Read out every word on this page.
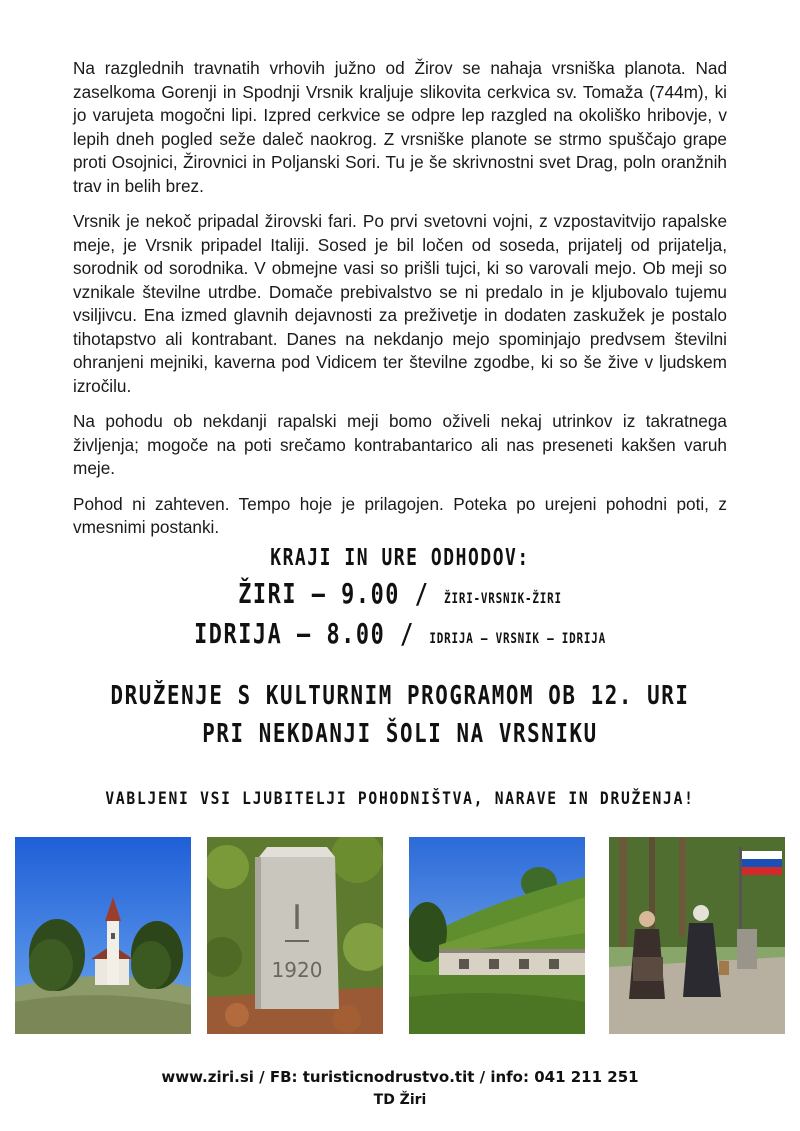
Na razglednih travnatih vrhovih južno od Žirov se nahaja vrsniška planota. Nad zaselkoma Gorenji in Spodnji Vrsnik kraljuje slikovita cerkvica sv. Tomaža (744m), ki jo varujeta mogočni lipi. Izpred cerkvice se odpre lep razgled na okoliško hribovje, v lepih dneh pogled seže daleč naokrog. Z vrsniške planote se strmo spuščajo grape proti Osojnici, Žirovnici in Poljanski Sori. Tu je še skrivnostni svet Drag, poln oranžnih trav in belih brez.

Vrsnik je nekoč pripadal žirovski fari. Po prvi svetovni vojni, z vzpostavitvijo rapalske meje, je Vrsnik pripadel Italiji. Sosed je bil ločen od soseda, prijatelj od prijatelja, sorodnik od sorodnika. V obmejne vasi so prišli tujci, ki so varovali mejo. Ob meji so vznikale številne utrdbe. Domače prebivalstvo se ni predalo in je kljubovalo tujemu vsiljivcu. Ena izmed glavnih dejavnosti za preživetje in dodaten zaskužek je postalo tihotapstvo ali kontrabant. Danes na nekdanjo mejo spominjajo predvsem številni ohranjeni mejniki, kaverna pod Vidicem ter številne zgodbe, ki so še žive v ljudskem izročilu.

Na pohodu ob nekdanji rapalski meji bomo oživeli nekaj utrinkov iz takratnega življenja; mogoče na poti srečamo kontrabantarico ali nas preseneti kakšen varuh meje.

Pohod ni zahteven. Tempo hoje je prilagojen. Poteka po urejeni pohodni poti, z vmesnimi postanki.

KRAJI IN URE ODHODOV:
ŽIRI – 9.00 / ŽIRI-VRSNIK-ŽIRI
IDRIJA – 8.00 / IDRIJA – VRSNIK – IDRIJA
DRUŽENJE S KULTURNIM PROGRAMOM OB 12. URI
PRI NEKDANJI ŠOLI NA VRSNIKU
VABLJENI VSI LJUBITELJI POHODNIŠTVA, NARAVE IN DRUŽENJA!
I
1920
www.ziri.si / FB: turisticnodrustvo.tit / info: 041 211 251
TD Žiri
